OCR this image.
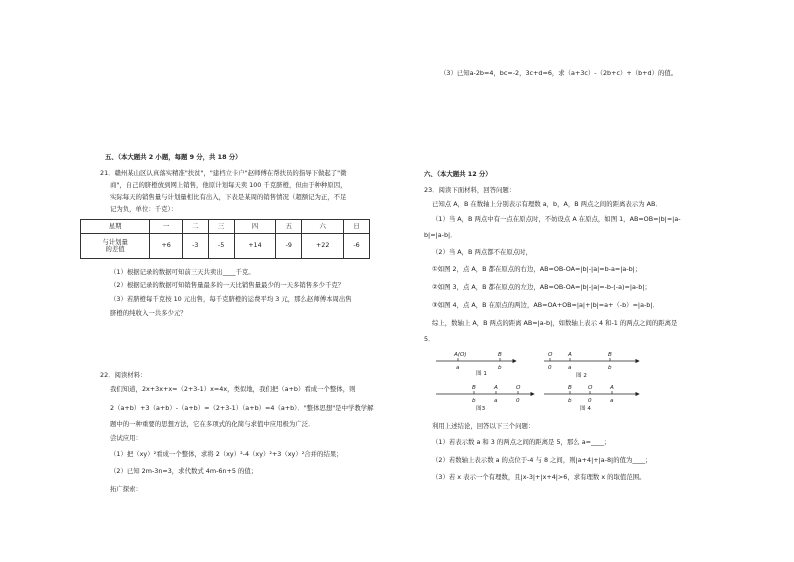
（3）已知a-2b=4，bc=-2，3c+d=6，求（a+3c）-（2b+c）+（b+d）的值。
五、（本大题共 2 小题，每题 9 分，共 18 分）
21．赣州某山区认真落实精准"扶贫"，"建档立卡户"赵师傅在帮扶员的指导下做起了"微
商"，自己的脐橙放到网上销售，他原计划每天卖 100 千克脐橙，但由于种种原因，
实际每天的销售量与计划量相比有出入，下表是某周的销售情况（超额记为正，不足
记为负，单位：千克）：
星期	一	二	三	四	五	六	日

与计划量
的差值	+6	-3	-5	+14	-9	+22	-6
（1）根据记录的数据可知前三天共卖出____千克。
（2）根据记录的数据可知销售量最多的一天比销售量最少的一天多销售多少千克？
（3）若脐橙每千克按 10 元出售，每千克脐橙的运费平均 3 元，那么赵师傅本周出售
脐橙的纯收入一共多少元？
22．阅读材料：
我们知道，2x+3x+x=（2+3-1）x=4x，类似地，我们把（a+b）看成一个整体，则
2（a+b）+3（a+b）-（a+b）=（2+3-1）（a+b）=4（a+b）．"整体思想"是中学教学解
题中的一种重要的思想方法，它在多项式的化简与求值中应用极为广泛．
尝试应用：
（1）把（xy）²看成一个整体，求将 2（xy）²-4（xy）²+3（xy）²合并的结果；
（2）已知 2m-3n=3，求代数式 4m-6n+5 的值；
拓广探索：
六、（本大题共 12 分）
23．阅读下面材料，回答问题：
已知点 A，B 在数轴上分别表示有理数 a，b，A，B 两点之间的距离表示为 AB．
（1）当 A，B 两点中有一点在原点时，不妨设点 A 在原点，如图 1，AB=OB=|b|=|a-
b|=|a-b|．
（2）当 A，B 两点都不在原点时，
①如图 2，点 A，B 都在原点的右边，AB=OB-OA=|b|-|a|=b-a=|a-b|；
②如图 3，点 A，B 都在原点的左边，AB=OB-OA=|b|-|a|=-b-(-a)=|a-b|；
③如图 4，点 A，B 在原点的两边，AB=OA+OB=|a|+|b|=a+（-b）=|a-b|．
综上，数轴上 A，B 两点的距离 AB=|a-b|，如数轴上表示 4 和-1 的两点之间的距离是
5．
A(O)	B
a	b
图 1
O	A	B
0	a	b
图 2
B	A	O
b	a	0
图3
B	O	A
b	0	a
图 4
利用上述结论，回答以下三个问题：
（1）若表示数 a 和 3 的两点之间的距离是 5，那么 a=____；
（2）若数轴上表示数 a 的点位于-4 与 8 之间，则|a+4|+|a-8|的值为____；
（3）若 x 表示一个有理数，且|x-3|+|x+4|>6，求有理数 x 的取值范围。
